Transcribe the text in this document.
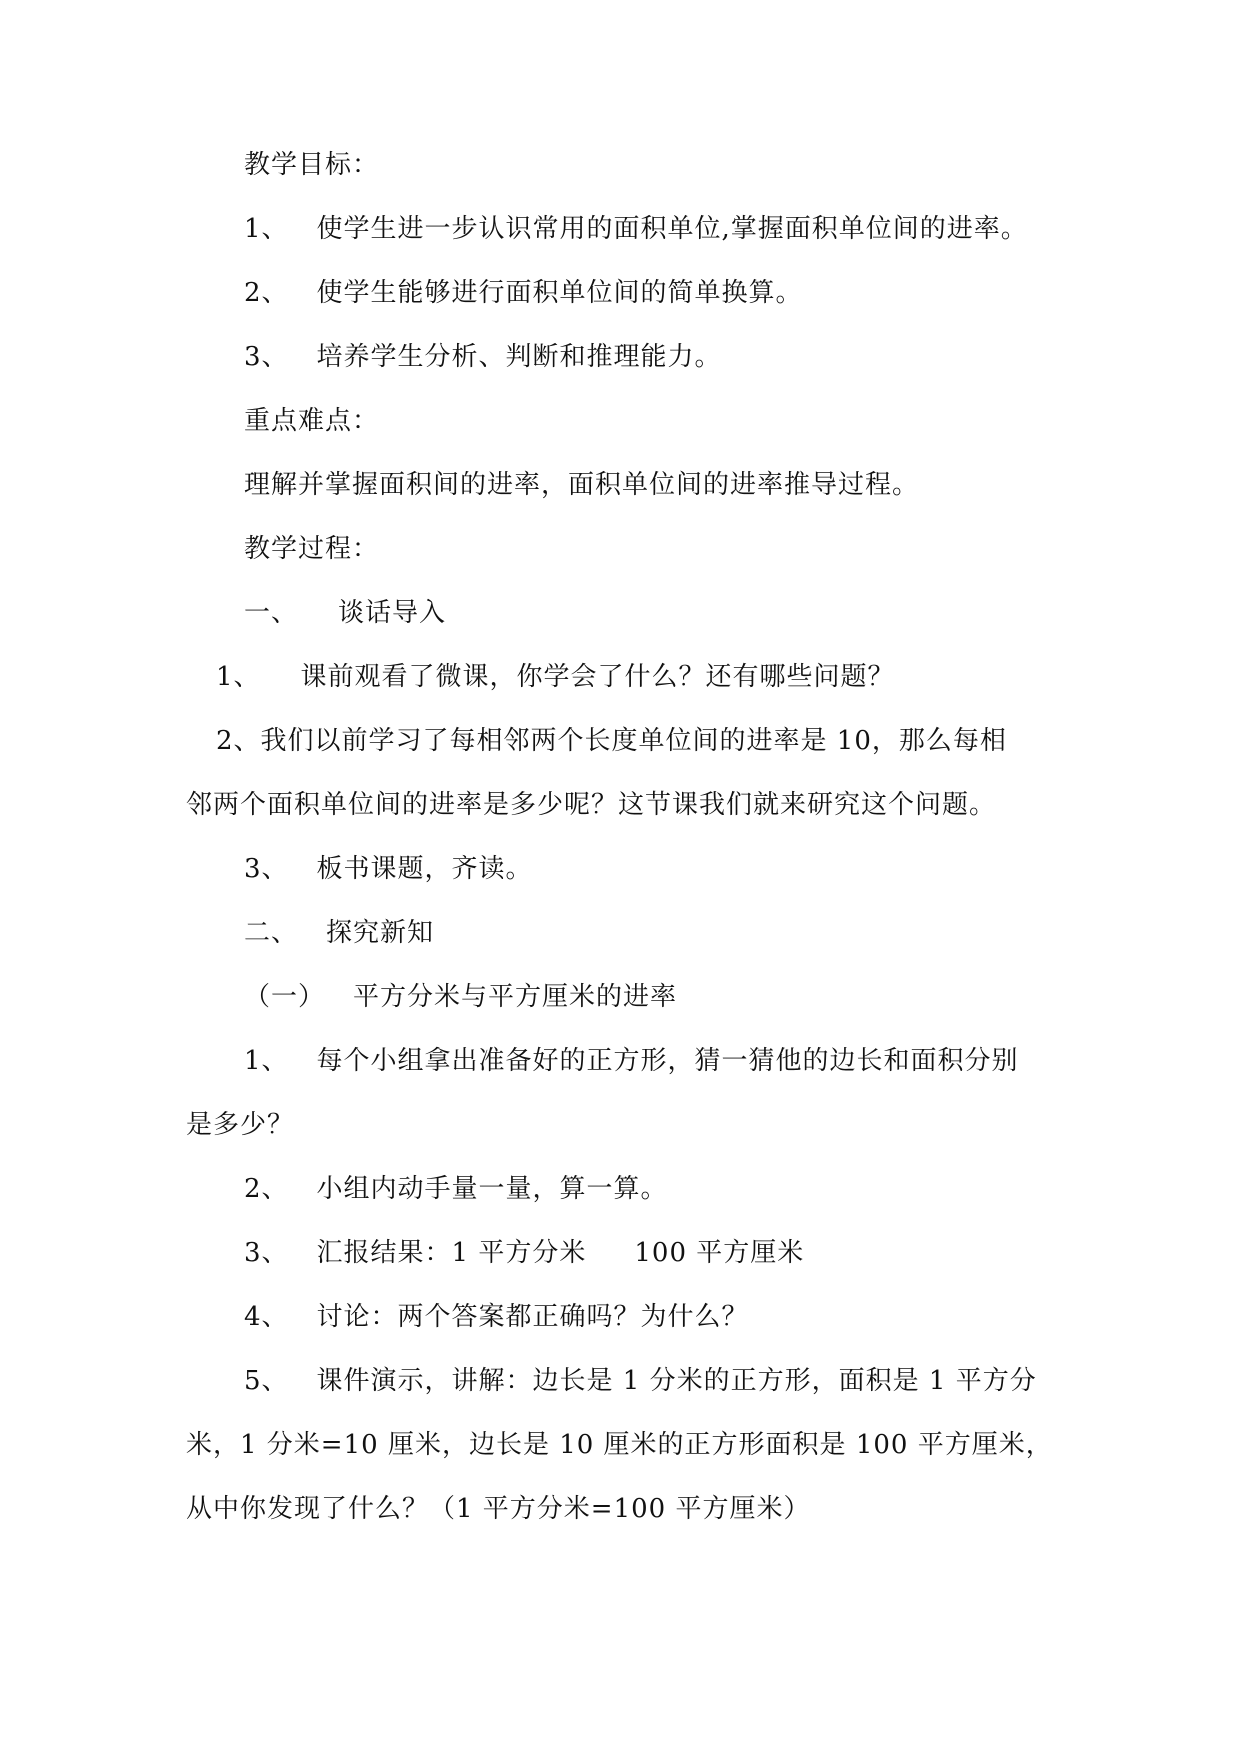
教学目标：
1、 使学生进一步认识常用的面积单位,掌握面积单位间的进率。
2、 使学生能够进行面积单位间的简单换算。
3、 培养学生分析、判断和推理能力。
重点难点：
理解并掌握面积间的进率，面积单位间的进率推导过程。
教学过程：
一、 谈话导入
1、 课前观看了微课，你学会了什么？还有哪些问题？
2、我们以前学习了每相邻两个长度单位间的进率是 10，那么每相
邻两个面积单位间的进率是多少呢？这节课我们就来研究这个问题。
3、 板书课题，齐读。
二、 探究新知
（一） 平方分米与平方厘米的进率
1、 每个小组拿出准备好的正方形，猜一猜他的边长和面积分别
是多少？
2、 小组内动手量一量，算一算。
3、 汇报结果：1 平方分米 100 平方厘米
4、 讨论：两个答案都正确吗？为什么？
5、 课件演示，讲解：边长是 1 分米的正方形，面积是 1 平方分
米，1 分米=10 厘米，边长是 10 厘米的正方形面积是 100 平方厘米，
从中你发现了什么？（1 平方分米=100 平方厘米）
